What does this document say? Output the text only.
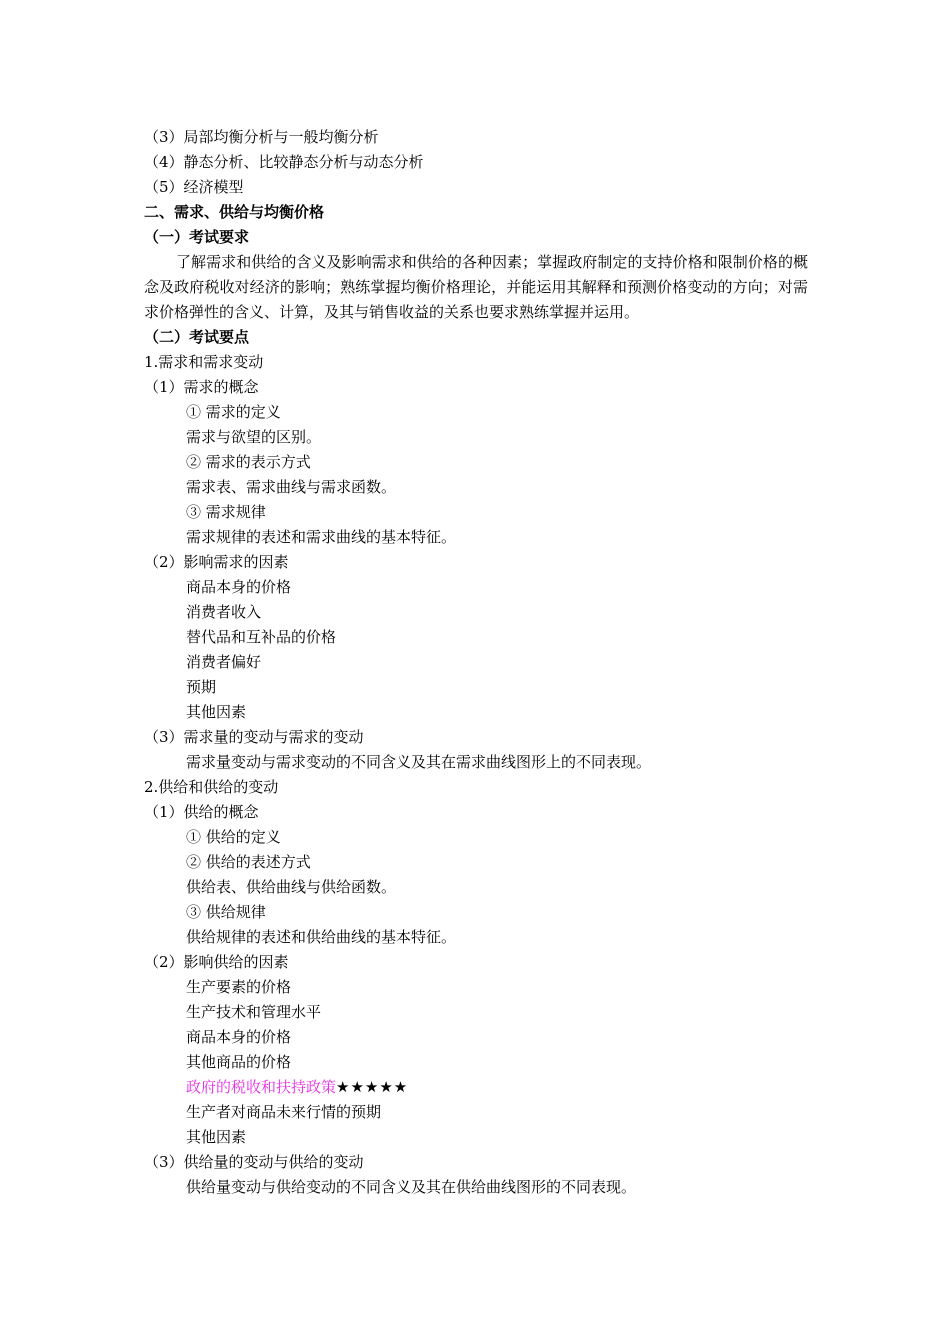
（3）局部均衡分析与一般均衡分析
（4）静态分析、比较静态分析与动态分析
（5）经济模型
二、需求、供给与均衡价格
（一）考试要求
了解需求和供给的含义及影响需求和供给的各种因素；掌握政府制定的支持价格和限制价格的概念及政府税收对经济的影响；熟练掌握均衡价格理论，并能运用其解释和预测价格变动的方向；对需求价格弹性的含义、计算，及其与销售收益的关系也要求熟练掌握并运用。
（二）考试要点
1.需求和需求变动
（1）需求的概念
① 需求的定义
需求与欲望的区别。
② 需求的表示方式
需求表、需求曲线与需求函数。
③ 需求规律
需求规律的表述和需求曲线的基本特征。
（2）影响需求的因素
商品本身的价格
消费者收入
替代品和互补品的价格
消费者偏好
预期
其他因素
（3）需求量的变动与需求的变动
需求量变动与需求变动的不同含义及其在需求曲线图形上的不同表现。
2.供给和供给的变动
（1）供给的概念
① 供给的定义
② 供给的表述方式
供给表、供给曲线与供给函数。
③ 供给规律
供给规律的表述和供给曲线的基本特征。
（2）影响供给的因素
生产要素的价格
生产技术和管理水平
商品本身的价格
其他商品的价格
政府的税收和扶持政策★★★★★
生产者对商品未来行情的预期
其他因素
（3）供给量的变动与供给的变动
供给量变动与供给变动的不同含义及其在供给曲线图形的不同表现。
